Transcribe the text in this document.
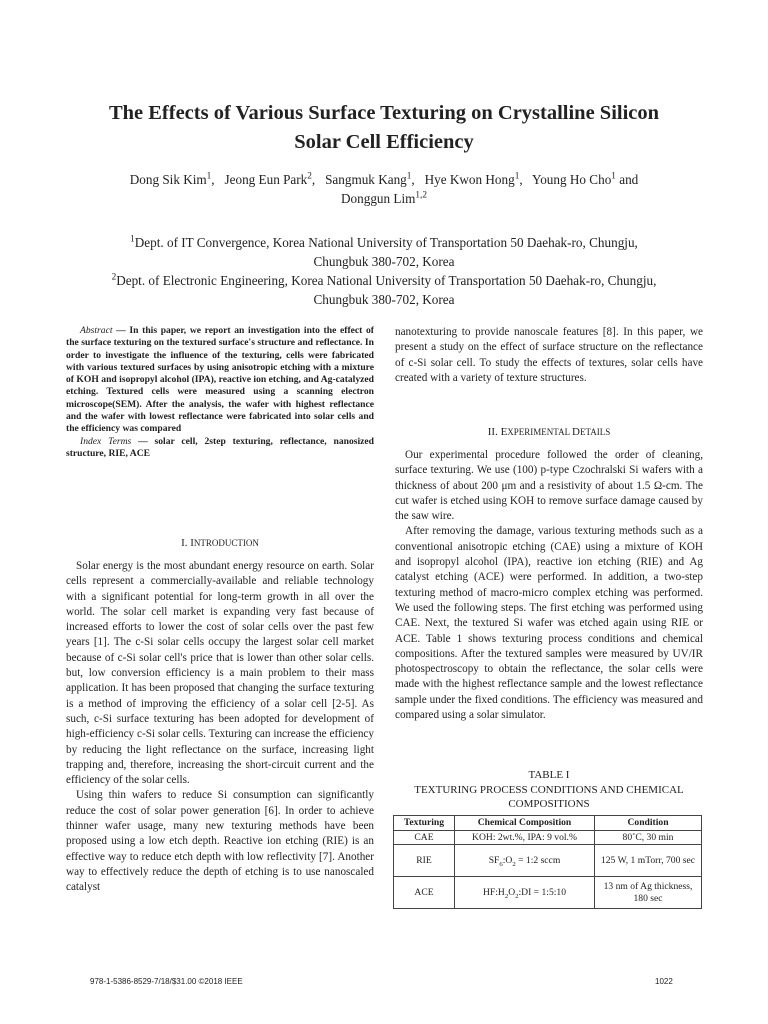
The Effects of Various Surface Texturing on Crystalline Silicon
Solar Cell Efficiency
Dong Sik Kim$^1$,   Jeong Eun Park$^2$,   Sangmuk Kang$^1$,   Hye Kwon Hong$^1$,   Young Ho Cho$^1$ and
Donggun Lim$^{1,2}$
$^1$Dept. of IT Convergence, Korea National University of Transportation 50 Daehak-ro, Chungju,
Chungbuk 380-702, Korea
$^2$Dept. of Electronic Engineering, Korea National University of Transportation 50 Daehak-ro, Chungju,
Chungbuk 380-702, Korea

Abstract — In this paper, we report an investigation into the effect of the surface texturing on the textured surface's structure and reflectance. In order to investigate the influence of the texturing, cells were fabricated with various textured surfaces by using anisotropic etching with a mixture of KOH and isopropyl alcohol (IPA), reactive ion etching, and Ag-catalyzed etching. Textured cells were measured using a scanning electron microscope(SEM). After the analysis, the wafer with highest reflectance and the wafer with lowest reflectance were fabricated into solar cells and the efficiency was compared

Index Terms — solar cell, 2step texturing, reflectance, nanosized structure, RIE, ACE

I. INTRODUCTION

Solar energy is the most abundant energy resource on earth. Solar cells represent a commercially-available and reliable technology with a significant potential for long-term growth in all over the world. The solar cell market is expanding very fast because of increased efforts to lower the cost of solar cells over the past few years [1]. The c-Si solar cells occupy the largest solar cell market because of c-Si solar cell's price that is lower than other solar cells. but, low conversion efficiency is a main problem to their mass application. It has been proposed that changing the surface texturing is a method of improving the efficiency of a solar cell [2-5]. As such, c-Si surface texturing has been adopted for development of high-efficiency c-Si solar cells. Texturing can increase the efficiency by reducing the light reflectance on the surface, increasing light trapping and, therefore, increasing the short-circuit current and the efficiency of the solar cells.

Using thin wafers to reduce Si consumption can significantly reduce the cost of solar power generation [6]. In order to achieve thinner wafer usage, many new texturing methods have been proposed using a low etch depth. Reactive ion etching (RIE) is an effective way to reduce etch depth with low reflectivity [7]. Another way to effectively reduce the depth of etching is to use nanoscaled catalyst

nanotexturing to provide nanoscale features [8]. In this paper, we present a study on the effect of surface structure on the reflectance of c-Si solar cell. To study the effects of textures, solar cells have created with a variety of texture structures.

II. EXPERIMENTAL DETAILS

Our experimental procedure followed the order of cleaning, surface texturing. We use (100) p-type Czochralski Si wafers with a thickness of about 200 μm and a resistivity of about 1.5 Ω-cm. The cut wafer is etched using KOH to remove surface damage caused by the saw wire.

After removing the damage, various texturing methods such as a conventional anisotropic etching (CAE) using a mixture of KOH and isopropyl alcohol (IPA), reactive ion etching (RIE) and Ag catalyst etching (ACE) were performed. In addition, a two-step texturing method of macro-micro complex etching was performed. We used the following steps. The first etching was performed using CAE. Next, the textured Si wafer was etched again using RIE or ACE. Table 1 shows texturing process conditions and chemical compositions. After the textured samples were measured by UV/IR photospectroscopy to obtain the reflectance, the solar cells were made with the highest reflectance sample and the lowest reflectance sample under the fixed conditions. The efficiency was measured and compared using a solar simulator.

TABLE I
TEXTURING PROCESS CONDITIONS AND CHEMICAL
COMPOSITIONS
Texturing	Chemical Composition	Condition
CAE	KOH: 2wt.%, IPA: 9 vol.%	80˚C, 30 min
RIE	$SF_6:O_2$ = 1:2 sccm	125 W, 1 mTorr, 700 sec
ACE	$HF:H_2O_2:DI$ = 1:5:10	13 nm of Ag thickness, 180 sec
978-1-5386-8529-7/18/$31.00 ©2018 IEEE	1022
